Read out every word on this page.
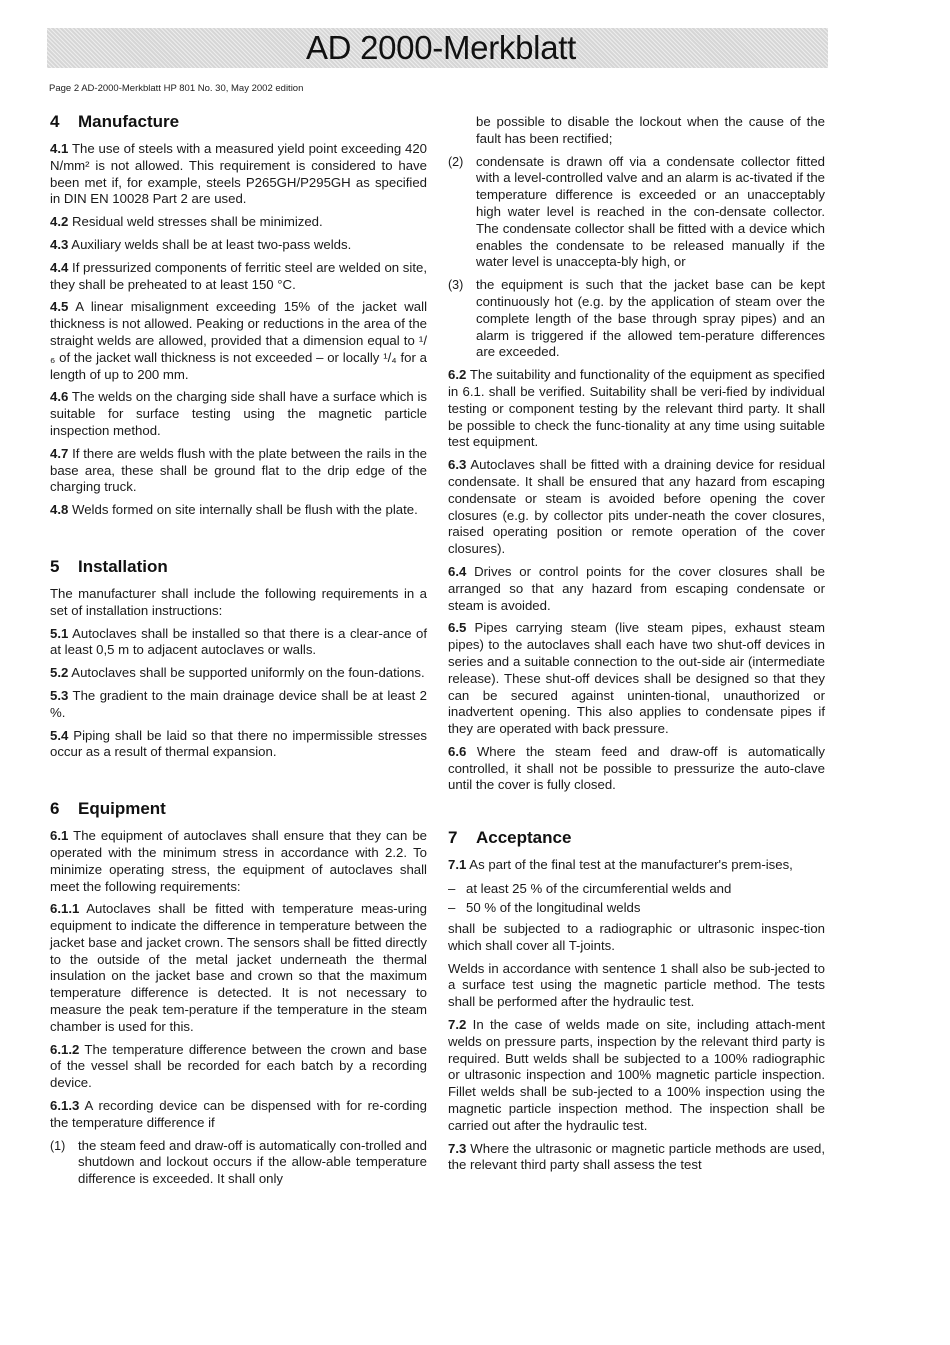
AD 2000-Merkblatt
Page 2 AD-2000-Merkblatt HP 801 No. 30, May 2002 edition
4 Manufacture

4.1 The use of steels with a measured yield point exceeding 420 N/mm² is not allowed. This requirement is considered to have been met if, for example, steels P265GH/P295GH as specified in DIN EN 10028 Part 2 are used.

4.2 Residual weld stresses shall be minimized.

4.3 Auxiliary welds shall be at least two-pass welds.

4.4 If pressurized components of ferritic steel are welded on site, they shall be preheated to at least 150 °C.

4.5 A linear misalignment exceeding 15% of the jacket wall thickness is not allowed. Peaking or reductions in the area of the straight welds are allowed, provided that a dimension equal to ¹/₆ of the jacket wall thickness is not exceeded – or locally ¹/₄ for a length of up to 200 mm.

4.6 The welds on the charging side shall have a surface which is suitable for surface testing using the magnetic particle inspection method.

4.7 If there are welds flush with the plate between the rails in the base area, these shall be ground flat to the drip edge of the charging truck.

4.8 Welds formed on site internally shall be flush with the plate.

5 Installation

The manufacturer shall include the following requirements in a set of installation instructions:

5.1 Autoclaves shall be installed so that there is a clear-ance of at least 0,5 m to adjacent autoclaves or walls.

5.2 Autoclaves shall be supported uniformly on the foun-dations.

5.3 The gradient to the main drainage device shall be at least 2 %.

5.4 Piping shall be laid so that there no impermissible stresses occur as a result of thermal expansion.

6 Equipment

6.1 The equipment of autoclaves shall ensure that they can be operated with the minimum stress in accordance with 2.2. To minimize operating stress, the equipment of autoclaves shall meet the following requirements:

6.1.1 Autoclaves shall be fitted with temperature meas-uring equipment to indicate the difference in temperature between the jacket base and jacket crown. The sensors shall be fitted directly to the outside of the metal jacket underneath the thermal insulation on the jacket base and crown so that the maximum temperature difference is detected. It is not necessary to measure the peak tem-perature if the temperature in the steam chamber is used for this.

6.1.2 The temperature difference between the crown and base of the vessel shall be recorded for each batch by a recording device.

6.1.3 A recording device can be dispensed with for re-cording the temperature difference if

(1) the steam feed and draw-off is automatically con-trolled and shutdown and lockout occurs if the allow-able temperature difference is exceeded. It shall only

be possible to disable the lockout when the cause of the fault has been rectified;

(2) condensate is drawn off via a condensate collector fitted with a level-controlled valve and an alarm is ac-tivated if the temperature difference is exceeded or an unacceptably high water level is reached in the con-densate collector. The condensate collector shall be fitted with a device which enables the condensate to be released manually if the water level is unaccepta-bly high, or
(3) the equipment is such that the jacket base can be kept continuously hot (e.g. by the application of steam over the complete length of the base through spray pipes) and an alarm is triggered if the allowed tem-perature differences are exceeded.

6.2 The suitability and functionality of the equipment as specified in 6.1. shall be verified. Suitability shall be veri-fied by individual testing or component testing by the relevant third party. It shall be possible to check the func-tionality at any time using suitable test equipment.

6.3 Autoclaves shall be fitted with a draining device for residual condensate. It shall be ensured that any hazard from escaping condensate or steam is avoided before opening the cover closures (e.g. by collector pits under-neath the cover closures, raised operating position or remote operation of the cover closures).

6.4 Drives or control points for the cover closures shall be arranged so that any hazard from escaping condensate or steam is avoided.

6.5 Pipes carrying steam (live steam pipes, exhaust steam pipes) to the autoclaves shall each have two shut-off devices in series and a suitable connection to the out-side air (intermediate release). These shut-off devices shall be designed so that they can be secured against uninten-tional, unauthorized or inadvertent opening. This also applies to condensate pipes if they are operated with back pressure.

6.6 Where the steam feed and draw-off is automatically controlled, it shall not be possible to pressurize the auto-clave until the cover is fully closed.

7 Acceptance

7.1 As part of the final test at the manufacturer's prem-ises,

– at least 25 % of the circumferential welds and
– 50 % of the longitudinal welds

shall be subjected to a radiographic or ultrasonic inspec-tion which shall cover all T-joints.

Welds in accordance with sentence 1 shall also be sub-jected to a surface test using the magnetic particle method. The tests shall be performed after the hydraulic test.

7.2 In the case of welds made on site, including attach-ment welds on pressure parts, inspection by the relevant third party is required. Butt welds shall be subjected to a 100% radiographic or ultrasonic inspection and 100% magnetic particle inspection. Fillet welds shall be sub-jected to a 100% inspection using the magnetic particle inspection method. The inspection shall be carried out after the hydraulic test.

7.3 Where the ultrasonic or magnetic particle methods are used, the relevant third party shall assess the test
